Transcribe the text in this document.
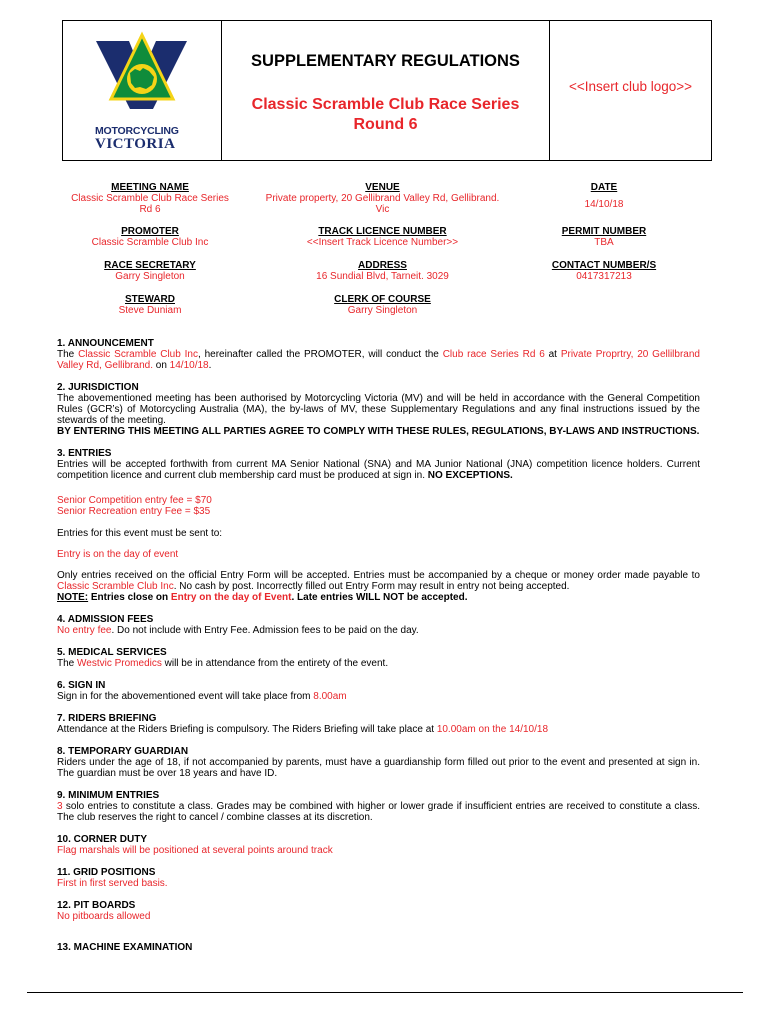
MOTORCYCLING
VICTORIA
SUPPLEMENTARY REGULATIONS
Classic Scramble Club Race Series
Round 6
<<Insert club logo>>
MEETING NAME
Classic Scramble Club Race Series
Rd 6
VENUE
Private property, 20 Gellibrand Valley Rd, Gellibrand.
Vic
DATE
14/10/18
PROMOTER
Classic Scramble Club Inc
TRACK LICENCE NUMBER
<<Insert Track Licence Number>>
PERMIT NUMBER
TBA
RACE SECRETARY
Garry Singleton
ADDRESS
16 Sundial Blvd, Tarneit. 3029
CONTACT NUMBER/S
0417317213
STEWARD
Steve Duniam
CLERK OF COURSE
Garry Singleton
1. ANNOUNCEMENT

The Classic Scramble Club Inc, hereinafter called the PROMOTER, will conduct the Club race Series Rd 6 at Private Proprtry, 20 Gellilbrand Valley Rd, Gellibrand. on 14/10/18.

2. JURISDICTION

The abovementioned meeting has been authorised by Motorcycling Victoria (MV) and will be held in accordance with the General Competition Rules (GCR’s) of Motorcycling Australia (MA), the by-laws of MV, these Supplementary Regulations and any final instructions issued by the stewards of the meeting.

BY ENTERING THIS MEETING ALL PARTIES AGREE TO COMPLY WITH THESE RULES, REGULATIONS, BY-LAWS AND INSTRUCTIONS.

3. ENTRIES

Entries will be accepted forthwith from current MA Senior National (SNA) and MA Junior National (JNA) competition licence holders. Current competition licence and current club membership card must be produced at sign in. NO EXCEPTIONS.

Senior Competition entry fee = $70

Senior Recreation entry Fee = $35

Entries for this event must be sent to:

Entry is on the day of event

Only entries received on the official Entry Form will be accepted. Entries must be accompanied by a cheque or money order made payable to Classic Scramble Club Inc. No cash by post. Incorrectly filled out Entry Form may result in entry not being accepted.

NOTE: Entries close on Entry on the day of Event. Late entries WILL NOT be accepted.

4. ADMISSION FEES

No entry fee. Do not include with Entry Fee. Admission fees to be paid on the day.

5. MEDICAL SERVICES

The Westvic Promedics will be in attendance from the entirety of the event.

6. SIGN IN

Sign in for the abovementioned event will take place from 8.00am

7. RIDERS BRIEFING

Attendance at the Riders Briefing is compulsory. The Riders Briefing will take place at 10.00am on the 14/10/18

8. TEMPORARY GUARDIAN

Riders under the age of 18, if not accompanied by parents, must have a guardianship form filled out prior to the event and presented at sign in. The guardian must be over 18 years and have ID.

9. MINIMUM ENTRIES

3 solo entries to constitute a class. Grades may be combined with higher or lower grade if insufficient entries are received to constitute a class. The club reserves the right to cancel / combine classes at its discretion.

10. CORNER DUTY

Flag marshals will be positioned at several points around track

11. GRID POSITIONS

First in first served basis.

12. PIT BOARDS

No pitboards allowed

13. MACHINE EXAMINATION
